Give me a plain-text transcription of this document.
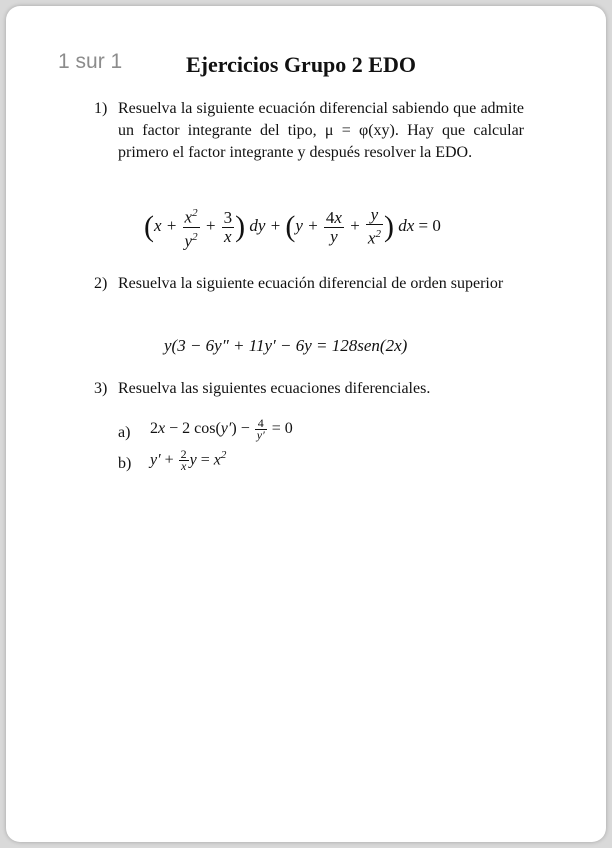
1 sur 1	Ejercicios Grupo 2 EDO
1) Resuelva la siguiente ecuación diferencial sabiendo que admite un factor integrante del tipo, μ = φ(xy). Hay que calcular primero el factor integrante y después resolver la EDO.
($x + \frac{x^2}{y^2} + \frac{3}{x}$ ) dy + ($y + \frac{4x}{y} + \frac{y}{x^2}$ ) dx = 0
2) Resuelva la siguiente ecuación diferencial de orden superior
y(3 − 6y″ + 11y′ − 6y = 128sen(2x)
3) Resuelva las siguientes ecuaciones diferenciales.
a) 2x − 2 $\cos(y') - \frac{4}{y'} = 0$
b) $y' + \frac{2}{x}$ $y = x^2$
